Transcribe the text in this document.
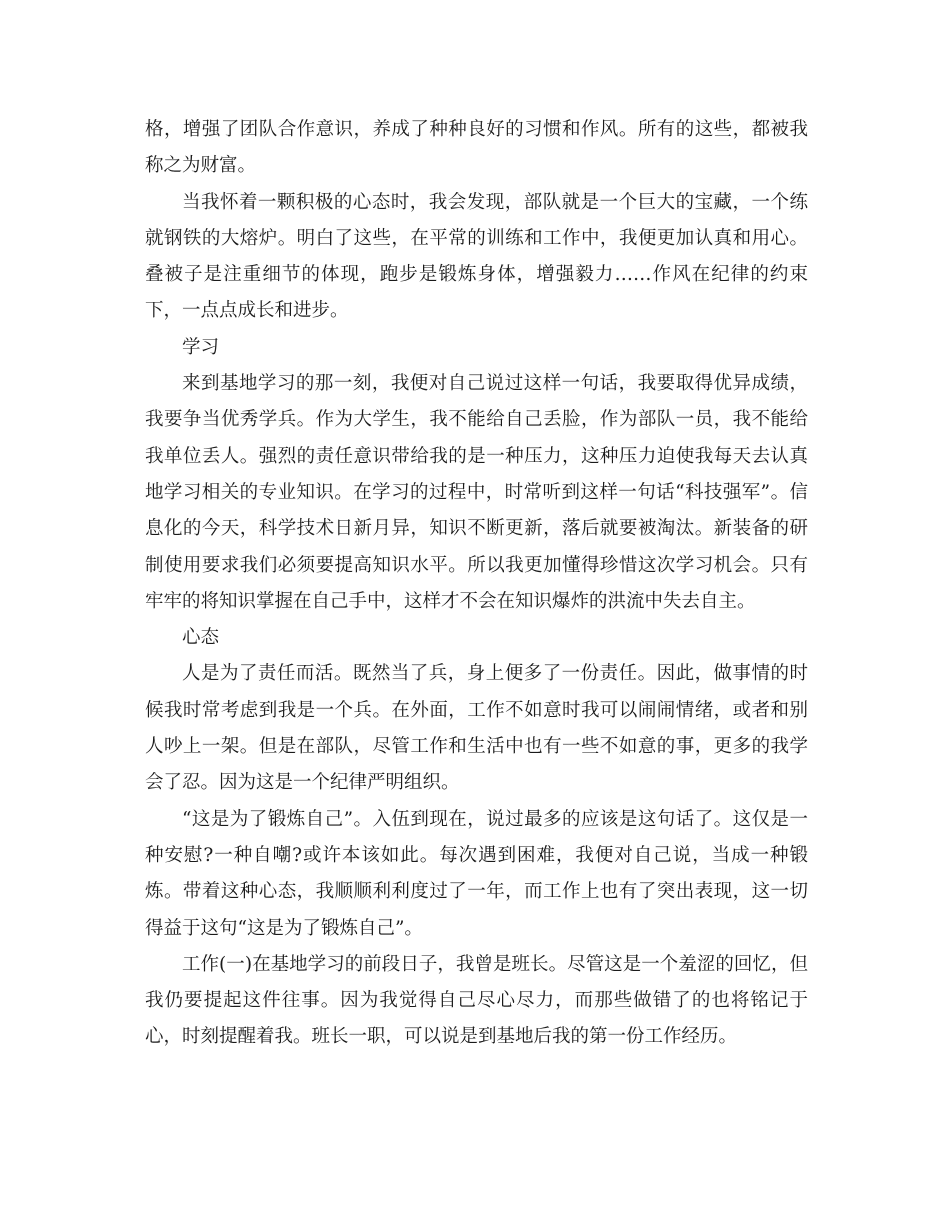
格，增强了团队合作意识，养成了种种良好的习惯和作风。所有的这些，都被我称之为财富。

当我怀着一颗积极的心态时，我会发现，部队就是一个巨大的宝藏，一个练就钢铁的大熔炉。明白了这些，在平常的训练和工作中，我便更加认真和用心。叠被子是注重细节的体现，跑步是锻炼身体，增强毅力……作风在纪律的约束下，一点点成长和进步。

学习

来到基地学习的那一刻，我便对自己说过这样一句话，我要取得优异成绩，我要争当优秀学兵。作为大学生，我不能给自己丢脸，作为部队一员，我不能给我单位丢人。强烈的责任意识带给我的是一种压力，这种压力迫使我每天去认真地学习相关的专业知识。在学习的过程中，时常听到这样一句话“科技强军”。信息化的今天，科学技术日新月异，知识不断更新，落后就要被淘汰。新装备的研制使用要求我们必须要提高知识水平。所以我更加懂得珍惜这次学习机会。只有牢牢的将知识掌握在自己手中，这样才不会在知识爆炸的洪流中失去自主。

心态

人是为了责任而活。既然当了兵，身上便多了一份责任。因此，做事情的时候我时常考虑到我是一个兵。在外面，工作不如意时我可以闹闹情绪，或者和别人吵上一架。但是在部队，尽管工作和生活中也有一些不如意的事，更多的我学会了忍。因为这是一个纪律严明组织。

“这是为了锻炼自己”。入伍到现在，说过最多的应该是这句话了。这仅是一种安慰?一种自嘲?或许本该如此。每次遇到困难，我便对自己说，当成一种锻炼。带着这种心态，我顺顺利利度过了一年，而工作上也有了突出表现，这一切得益于这句“这是为了锻炼自己”。

工作(一)在基地学习的前段日子，我曾是班长。尽管这是一个羞涩的回忆，但我仍要提起这件往事。因为我觉得自己尽心尽力，而那些做错了的也将铭记于心，时刻提醒着我。班长一职，可以说是到基地后我的第一份工作经历。
